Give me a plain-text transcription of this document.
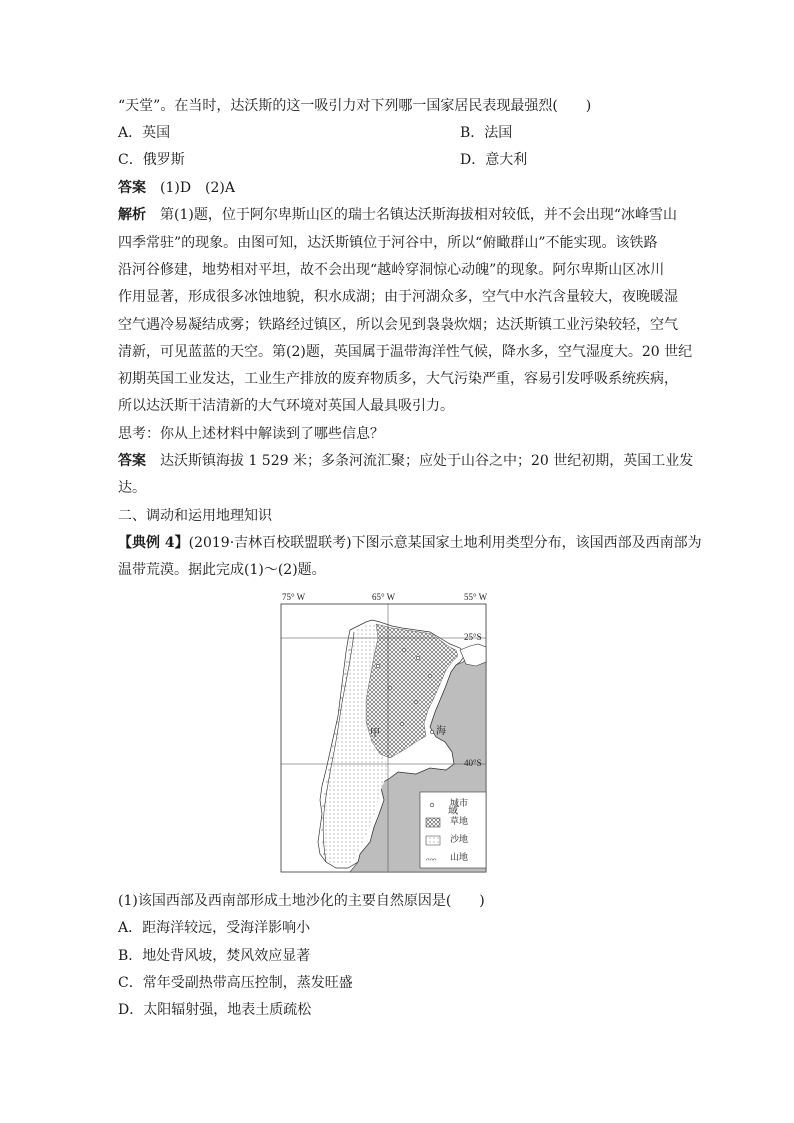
“天堂”。在当时，达沃斯的这一吸引力对下列哪一国家居民表现最强烈(　　)
A．英国	B．法国
C．俄罗斯	D．意大利
答案　 (1)D　(2)A
解析　 第(1)题，位于阿尔卑斯山区的瑞士名镇达沃斯海拔相对较低，并不会出现“冰峰雪山
四季常驻”的现象。由图可知，达沃斯镇位于河谷中，所以“俯瞰群山”不能实现。该铁路
沿河谷修建，地势相对平坦，故不会出现“越岭穿洞惊心动魄”的现象。阿尔卑斯山区冰川
作用显著，形成很多冰蚀地貌，积水成湖；由于河湖众多，空气中水汽含量较大，夜晚暖湿
空气遇冷易凝结成雾；铁路经过镇区，所以会见到袅袅炊烟；达沃斯镇工业污染较轻，空气
清新，可见蓝蓝的天空。第(2)题，英国属于温带海洋性气候，降水多，空气湿度大。20 世纪
初期英国工业发达，工业生产排放的废弃物质多，大气污染严重，容易引发呼吸系统疾病，
所以达沃斯干洁清新的大气环境对英国人最具吸引力。
思考：你从上述材料中解读到了哪些信息？
答案　 达沃斯镇海拔 1 529 米；多条河流汇聚；应处于山谷之中；20 世纪初期，英国工业发
达。
二、调动和运用地理知识
【典例 4】(2019·吉林百校联盟联考)下图示意某国家土地利用类型分布，该国西部及西南部为
温带荒漠。据此完成(1)～(2)题。
ᴖ
ᴖ
ᴖ
ᴖ
ᴖ
ᴖ
ᴖ
ᴖ
ᴖ
ᴖ
ᴖ
ᴖ
ᴖ
ᴖ
ᴖ
ᴖ
ᴖ
ᴖ
ᴖ
ᴖᴖᴖ
75° W	65° W	55° W
25°S
40°S
甲	海
域
城市
草地
沙地
山地
(1)该国西部及西南部形成土地沙化的主要自然原因是(　　)
A．距海洋较远，受海洋影响小
B．地处背风坡，焚风效应显著
C．常年受副热带高压控制，蒸发旺盛
D．太阳辐射强，地表土质疏松
